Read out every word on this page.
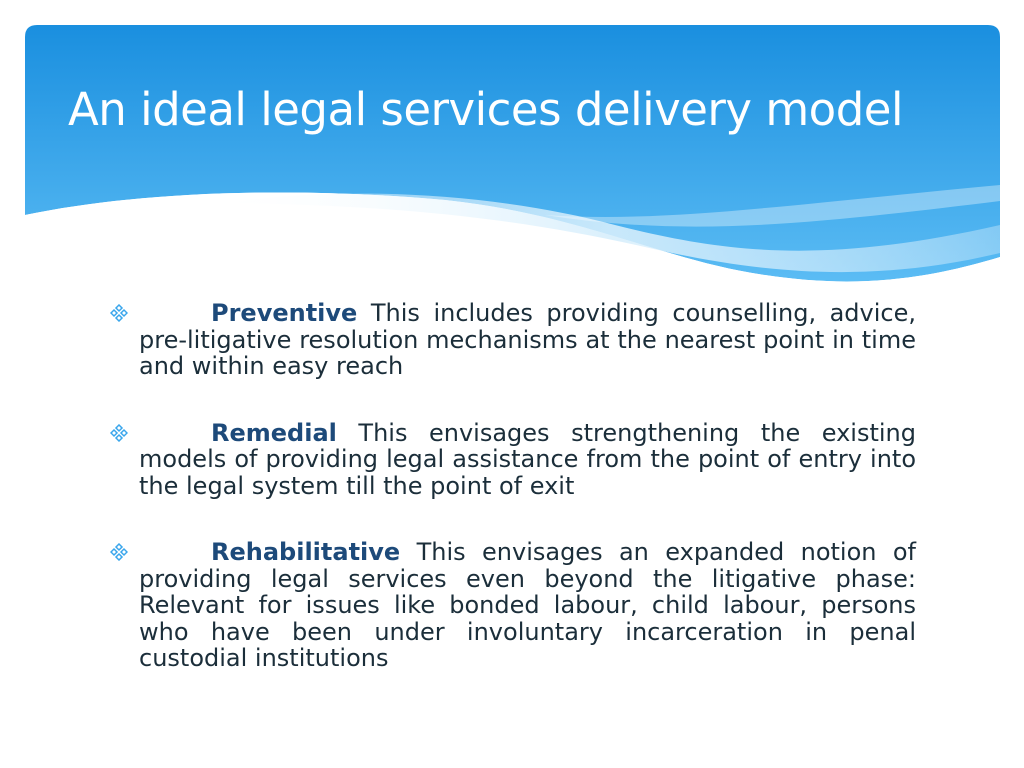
An ideal legal services delivery model
Preventive This includes providing counselling, advice, pre-litigative resolution mechanisms at the nearest point in time and within easy reach
Remedial This envisages strengthening the existing models of providing legal assistance from the point of entry into the legal system till the point of exit
Rehabilitative This envisages an expanded notion of providing legal services even beyond the litigative phase: Relevant for issues like bonded labour, child labour, persons who have been under involuntary incarceration in penal custodial institutions
